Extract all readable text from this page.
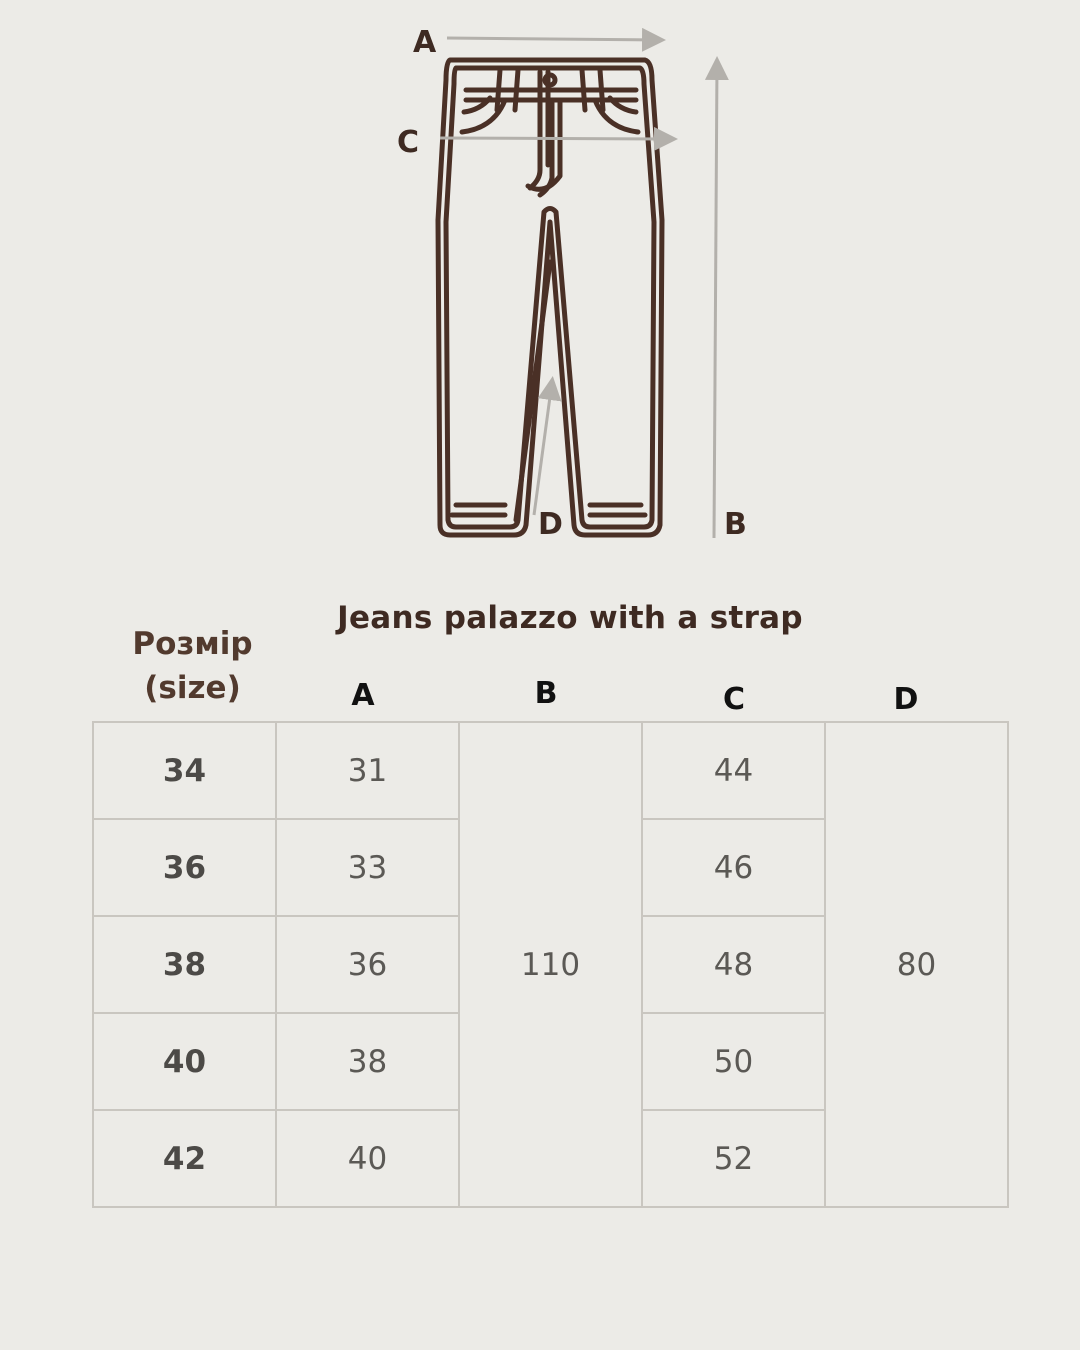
A
C
B
D
Jeans palazzo with a strap
Розмір
(size)	A	B	C	D
34	31	110	44	80
36	33		46	
38	36		48	
40	38		50	
42	40		52	
